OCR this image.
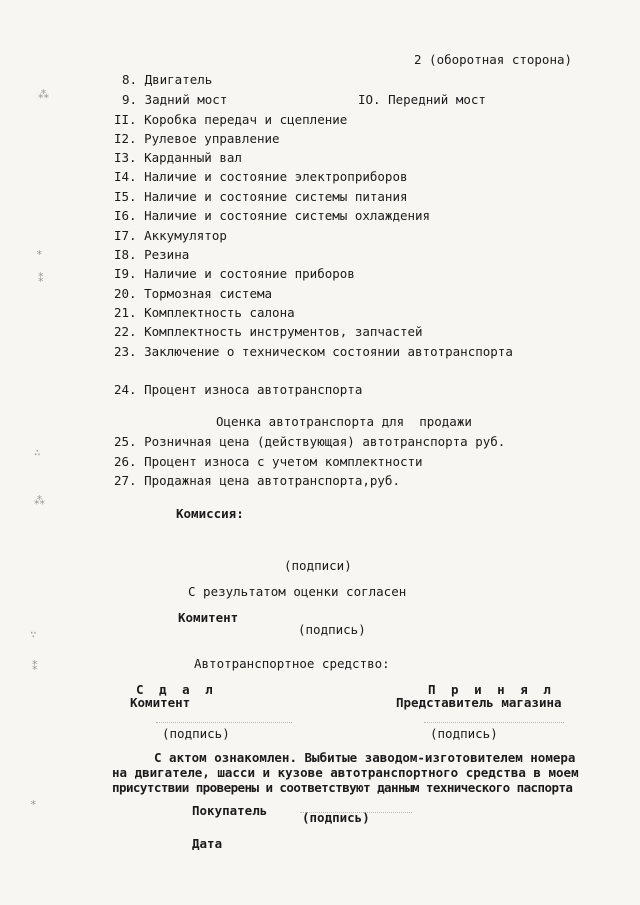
2 (оборотная сторона)
8. Двигатель
9. Задний мост	IO. Передний мост
II. Коробка передач и сцепление
I2. Рулевое управление
I3. Карданный вал
I4. Наличие и состояние электроприборов
I5. Наличие и состояние системы питания
I6. Наличие и состояние системы охлаждения
I7. Аккумулятор
I8. Резина
I9. Наличие и состояние приборов
20. Тормозная система
21. Комплектность салона
22. Комплектность инструментов, запчастей
23. Заключение о техническом состоянии автотранспорта
24. Процент износа автотранспорта
Оценка автотранспорта для  продажи
25. Розничная цена (действующая) автотранспорта руб.
26. Процент износа с учетом комплектности
27. Продажная цена автотранспорта,руб.
Комиссия:
(подписи)
С результатом оценки согласен
Комитент
(подпись)
Автотранспортное средство:
С д а л
Комитент
П р и н я л
Представитель магазина
(подпись)	(подпись)
С актом ознакомлен. Выбитые заводом-изготовителем номера
на двигателе, шасси и кузове автотранспортного средства в моем
присутствии проверены и соответствуют данным технического паспорта
Покупатель	(подпись)
Дата
⁂
∗
⁑
∴
⁂
∵
⁑
∗
